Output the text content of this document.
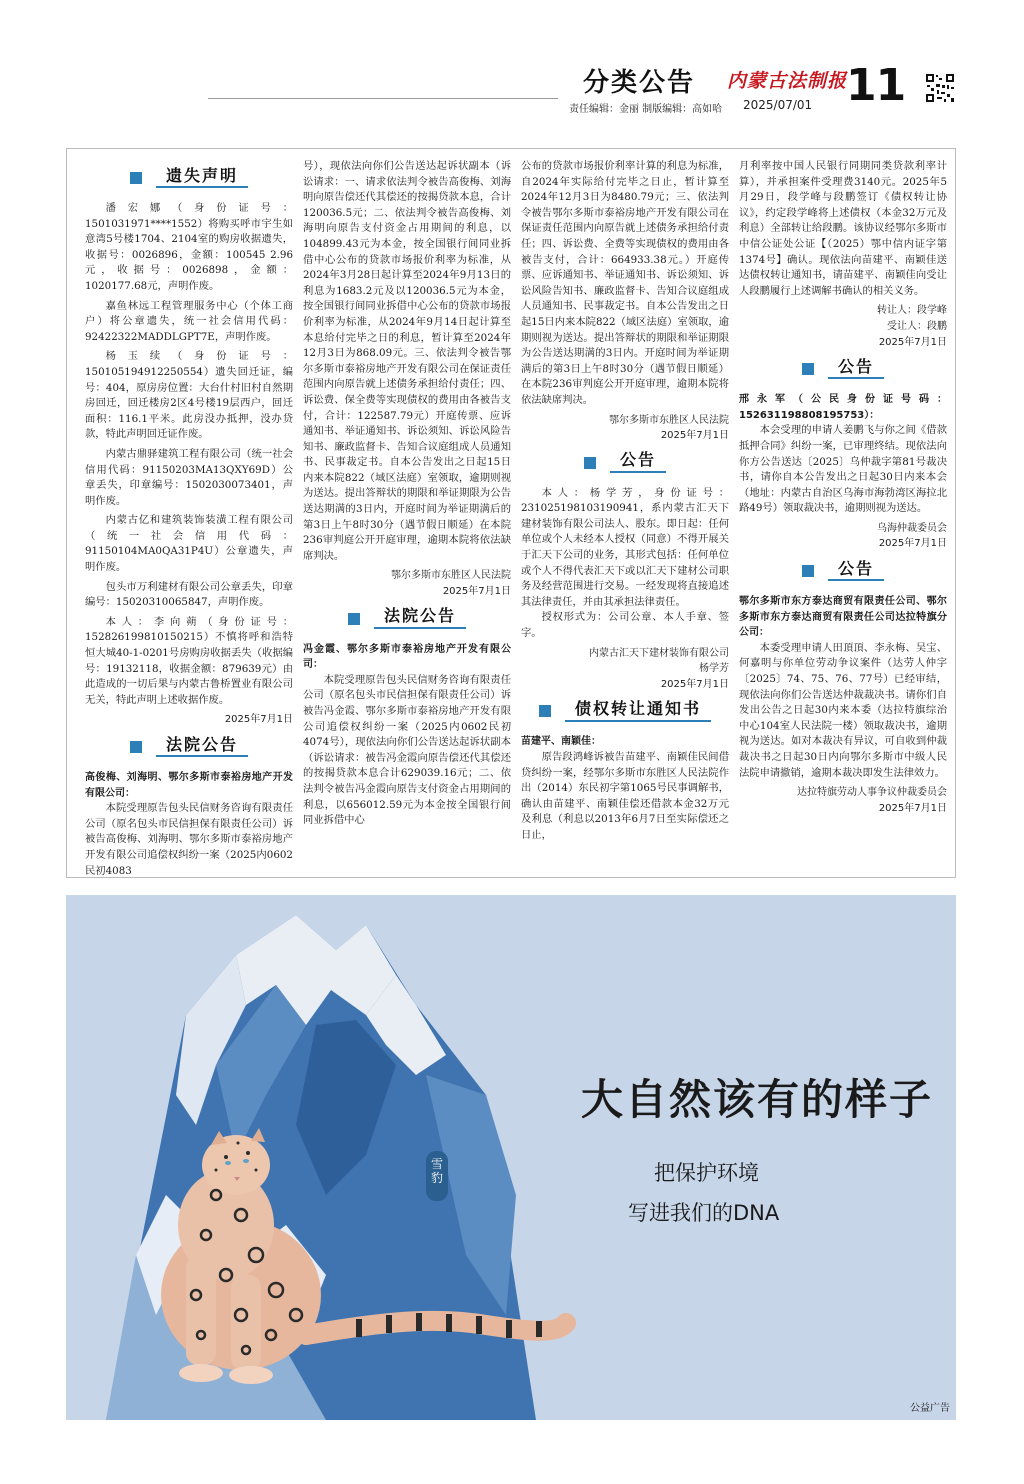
分类公告 内蒙古法制报
11
责任编辑：金丽 制版编辑：高如哈 2025/07/01
遗失声明

潘宏娜（身份证号：1501031971****1552）将购买呼市宇生如意湾5号楼1704、2104室的购房收据遗失，收据号：0026896，金额：100545 2.96元，收据号：0026898，金额：1020177.68元，声明作废。

嘉鱼林远工程管理服务中心（个体工商户）将公章遗失，统一社会信用代码：92422322MADDLGPT7E，声明作废。

杨玉续（身份证号：150105194912250554）遗失回迁证，编号：404，原房房位置：大台什村旧村自然期房回迁，回迁楼房2区4号楼19层西户，回迁面积：116.1平米。此房没办抵押，没办贷款，特此声明回迁证作废。

内蒙古鼎驿建筑工程有限公司（统一社会信用代码：91150203MA13QXY69D）公章丢失，印章编号：1502030073401，声明作废。

内蒙古亿和建筑装饰装潢工程有限公司（统一社会信用代码：91150104MA0QA31P4U）公章遗失，声明作废。

包头市万利建材有限公司公章丢失，印章编号：15020310065847，声明作废。

本人：李向蒴（身份证号：152826199810150215）不慎将呼和浩特恒大城40-1-0201号房购房收据丢失（收据编号：19132118，收据金额：879639元）由此造成的一切后果与内蒙古鲁桥置业有限公司无关，特此声明上述收据作废。

2025年7月1日

法院公告

高俊梅、刘海明、鄂尔多斯市泰裕房地产开发有限公司：

本院受理原告包头民信财务咨询有限责任公司（原名包头市民信担保有限责任公司）诉被告高俊梅、刘海明、鄂尔多斯市泰裕房地产开发有限公司追偿权纠纷一案（2025内0602民初4083

号），现依法向你们公告送达起诉状副本（诉讼请求：一、请求依法判令被告高俊梅、刘海明向原告偿还代其偿还的按揭贷款本息，合计120036.5元；二、依法判令被告高俊梅、刘海明向原告支付资金占用期间的利息，以104899.43元为本金，按全国银行间同业拆借中心公布的贷款市场报价利率为标准，从2024年3月28日起计算至2024年9月13日的利息为1683.2元及以120036.5元为本金，按全国银行间同业拆借中心公布的贷款市场报价利率为标准，从2024年9月14日起计算至本息给付完毕之日的利息，暂计算至2024年12月3日为868.09元。三、依法判令被告鄂尔多斯市泰裕房地产开发有限公司在保证责任范围内向原告就上述债务承担给付责任；四、诉讼费、保全费等实现债权的费用由各被告支付，合计：122587.79元）开庭传票、应诉通知书、举证通知书、诉讼须知、诉讼风险告知书、廉政监督卡、告知合议庭组成人员通知书、民事裁定书。自本公告发出之日起15日内来本院822（域区法庭）室领取，逾期则视为送达。提出答辩状的期限和举证期限为公告送达期满的3日内，开庭时间为举证期满后的第3日上午8时30分（遇节假日顺延）在本院236审判庭公开开庭审理，逾期本院将依法缺席判决。

鄂尔多斯市东胜区人民法院

2025年7月1日

法院公告

冯金霞、鄂尔多斯市泰裕房地产开发有限公司：

本院受理原告包头民信财务咨询有限责任公司（原名包头市民信担保有限责任公司）诉被告冯金霞、鄂尔多斯市泰裕房地产开发有限公司追偿权纠纷一案（2025内0602民初4074号），现依法向你们公告送达起诉状副本（诉讼请求：被告冯金霞向原告偿还代其偿还的按揭贷款本息合计629039.16元；二、依法判令被告冯金霞向原告支付资金占用期间的利息，以656012.59元为本金按全国银行间同业拆借中心

公布的贷款市场报价利率计算的利息为标准，自2024年实际给付完毕之日止，暂计算至2024年12月3日为8480.79元；三、依法判令被告鄂尔多斯市泰裕房地产开发有限公司在保证责任范围内向原告就上述债务承担给付责任；四、诉讼费、全费等实现债权的费用由各被告支付，合计：664933.38元。）开庭传票、应诉通知书、举证通知书、诉讼须知、诉讼风险告知书、廉政监督卡、告知合议庭组成人员通知书、民事裁定书。自本公告发出之日起15日内来本院822（域区法庭）室领取，逾期则视为送达。提出答辩状的期限和举证期限为公告送达期满的3日内。开庭时间为举证期满后的第3日上午8时30分（遇节假日顺延）在本院236审判庭公开开庭审理，逾期本院将依法缺席判决。

鄂尔多斯市东胜区人民法院

2025年7月1日

公告

本人：杨学芳，身份证号：231025198103190941，系内蒙古汇天下建材装饰有限公司法人、股东。即日起：任何单位或个人未经本人授权（同意）不得开展关于汇天下公司的业务，其形式包括：任何单位或个人不得代表汇天下或以汇天下建材公司职务及经营范围进行交易。一经发现将直接追述其法律责任，并由其承担法律责任。

授权形式为：公司公章、本人手章、签字。

内蒙古汇天下建材装饰有限公司

杨学芳

2025年7月1日

债权转让通知书

苗建平、南颖佳：

原告段鸿峰诉被告苗建平、南颖佳民间借贷纠纷一案，经鄂尔多斯市东胜区人民法院作出（2014）东民初字第1065号民事调解书，确认由苗建平、南颖佳偿还借款本金32万元及利息（利息以2013年6月7日至实际偿还之日止，

月利率按中国人民银行同期同类贷款利率计算），并承担案件受理费3140元。2025年5月29日，段学峰与段鹏签订《债权转让协议》，约定段学峰将上述债权（本金32万元及利息）全部转让给段鹏。该协议经鄂尔多斯市中信公证处公证【（2025）鄂中信内证字第1374号】确认。现依法向苗建平、南颖佳送达债权转让通知书，请苗建平、南颖佳向受让人段鹏履行上述调解书确认的相关义务。

转让人：段学峰

受让人：段鹏

2025年7月1日

公告

邢永军（公民身份证号码：152631198808195753）：

本会受理的申请人姜鹏飞与你之间《借款抵押合同》纠纷一案，已审理终结。现依法向你方公告送达〔2025〕乌仲裁字第81号裁决书，请你自本公告发出之日起30日内来本会（地址：内蒙古自治区乌海市海勃湾区海拉北路49号）领取裁决书，逾期则视为送达。

乌海仲裁委员会

2025年7月1日

公告

鄂尔多斯市东方泰达商贸有限责任公司、鄂尔多斯市东方泰达商贸有限责任公司达拉特旗分公司：

本委受理申请人田頂頂、李永梅、吴宝、何嘉明与你单位劳动争议案件（达劳人仲字〔2025〕74、75、76、77号）已经审结，现依法向你们公告送达仲裁裁决书。请你们自发出公告之日起30内来本委（达拉特旗综治中心104室人民法院一楼）领取裁决书，逾期视为送达。如对本裁决有异议，可自收到仲裁裁决书之日起30日内向鄂尔多斯市中级人民法院申请撤销，逾期本裁决即发生法律效力。

达拉特旗劳动人事争议仲裁委员会

2025年7月1日

雪豹
大自然该有的样子
把保护环境
写进我们的DNA
公益广告
